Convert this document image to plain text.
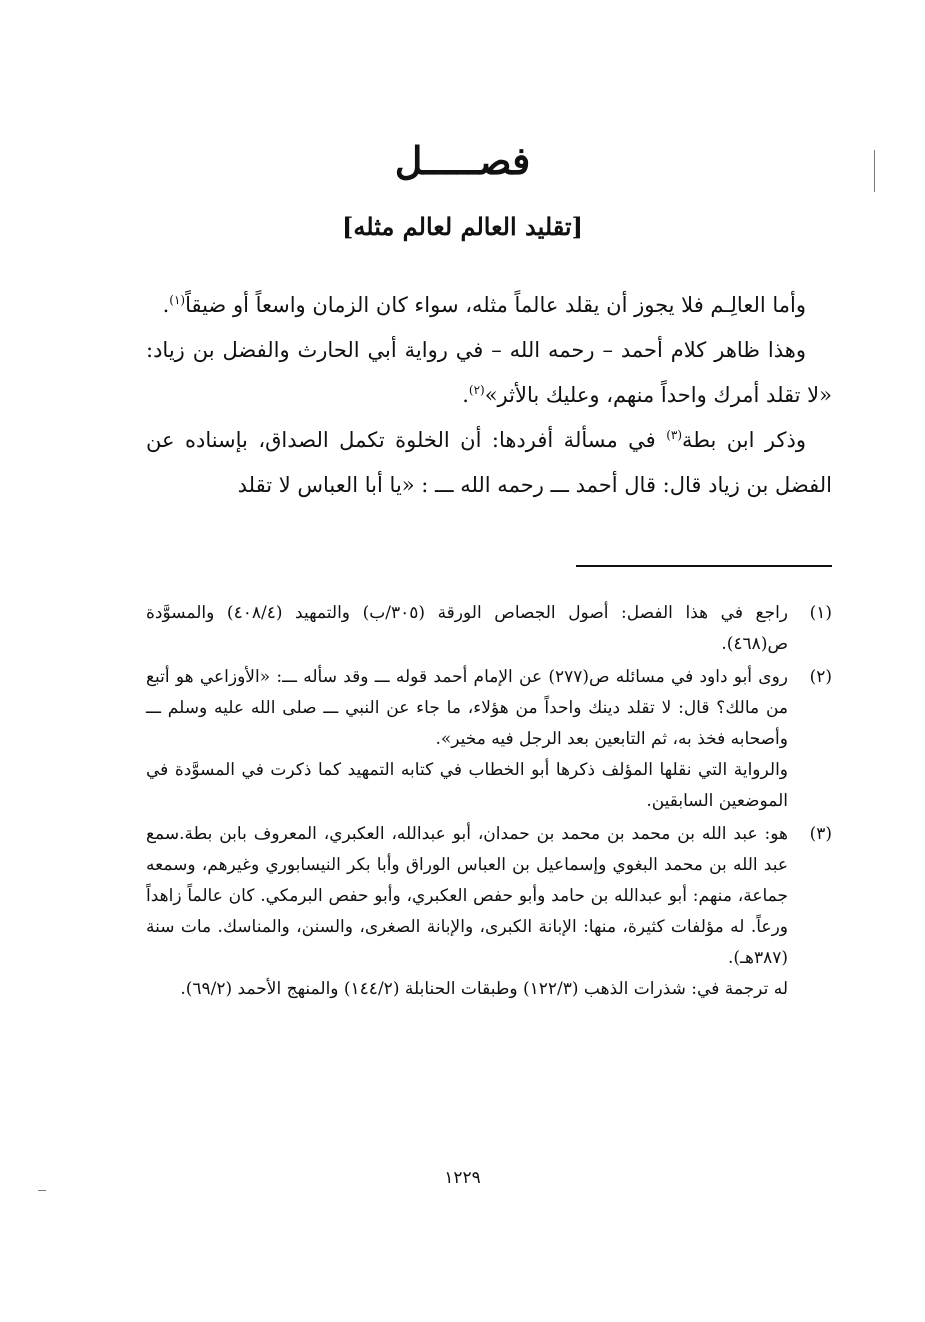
فصـــــل
[تقليد العالم لعالم مثله]

وأما العالِـم فلا يجوز أن يقلد عالماً مثله، سواء كان الزمان واسعاً أو ضيقاً$^{(١)}$.

وهذا ظاهر كلام أحمد – رحمه الله – في رواية أبي الحارث والفضل بن زياد: «لا تقلد أمرك واحداً منهم، وعليك بالأثر»$^{(٢)}$.

وذكر ابن بطة$^{(٣)}$ في مسألة أفردها: أن الخلوة تكمل الصداق، بإسناده عن الفضل بن زياد قال: قال أحمد ـــ رحمه الله ـــ : «يا أبا العباس لا تقلد

(١)
راجع في هذا الفصل: أصول الجصاص الورقة (٣٠٥/ب) والتمهيد (٤٠٨/٤) والمسوَّدة ص(٤٦٨).
(٢)
روى أبو داود في مسائله ص(٢٧٧) عن الإمام أحمد قوله ـــ وقد سأله ـــ: «الأوزاعي هو أتبع من مالك؟ قال: لا تقلد دينك واحداً من هؤلاء، ما جاء عن النبي ـــ صلى الله عليه وسلم ـــ وأصحابه فخذ به، ثم التابعين بعد الرجل فيه مخير».
والرواية التي نقلها المؤلف ذكرها أبو الخطاب في كتابه التمهيد كما ذكرت في المسوَّدة في الموضعين السابقين.
(٣)
هو: عبد الله بن محمد بن محمد بن حمدان، أبو عبدالله، العكبري، المعروف بابن بطة.سمع عبد الله بن محمد البغوي وإسماعيل بن العباس الوراق وأبا بكر النيسابوري وغيرهم، وسمعه جماعة، منهم: أبو عبدالله بن حامد وأبو حفص العكبري، وأبو حفص البرمكي. كان عالماً زاهداً ورعاً. له مؤلفات كثيرة، منها: الإبانة الكبرى، والإبانة الصغرى، والسنن، والمناسك. مات سنة (٣٨٧هـ).
له ترجمة في: شذرات الذهب (١٢٢/٣) وطبقات الحنابلة (١٤٤/٢) والمنهج الأحمد (٦٩/٢).
١٢٢٩
